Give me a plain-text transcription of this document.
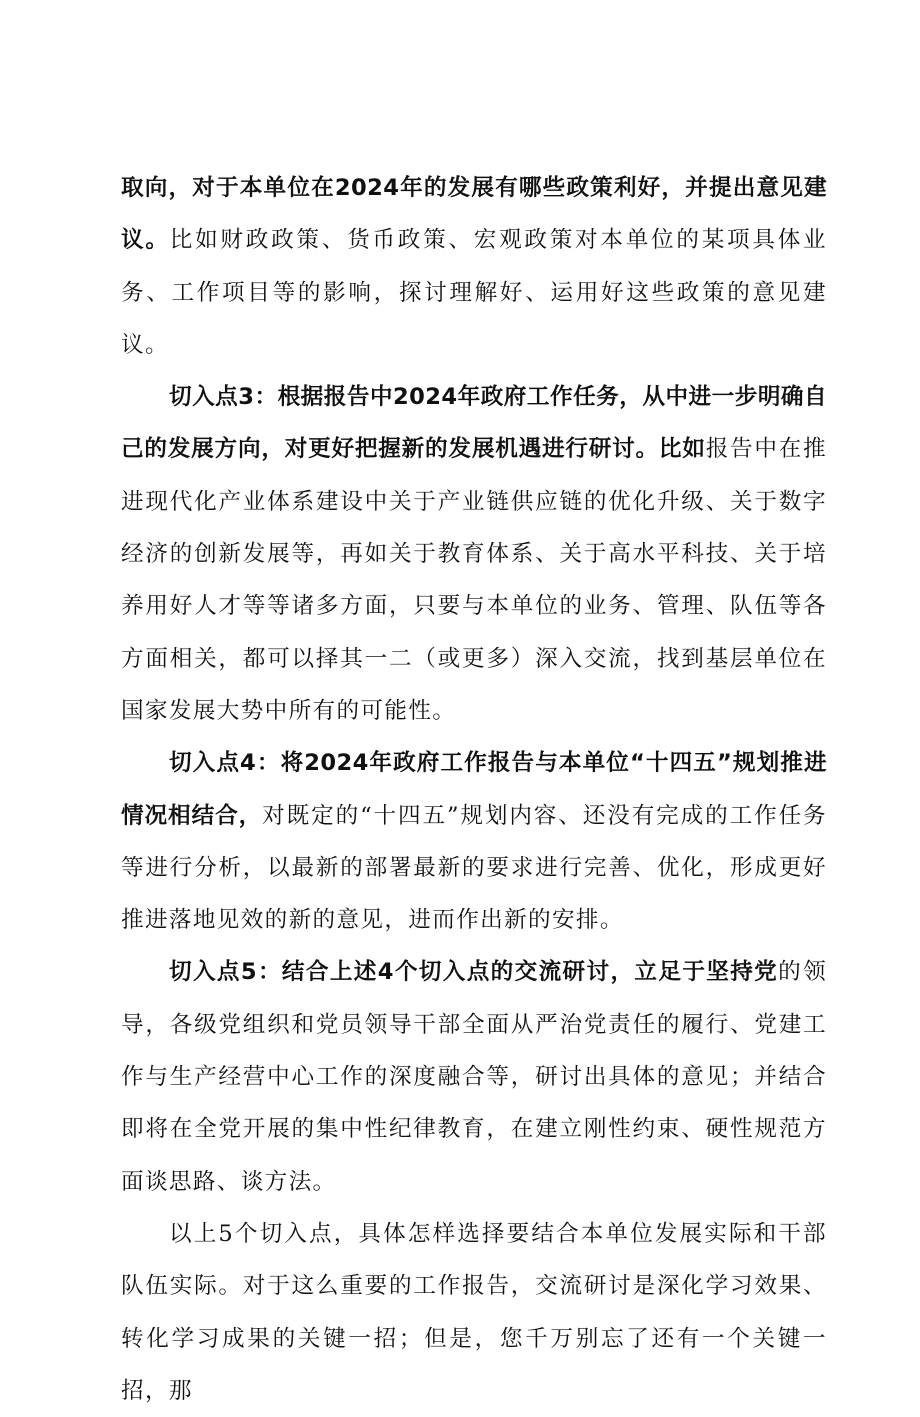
取向，对于本单位在2024年的发展有哪些政策利好，并提出意见建议。比如财政政策、货币政策、宏观政策对本单位的某项具体业务、工作项目等的影响，探讨理解好、运用好这些政策的意见建议。

切入点3：根据报告中2024年政府工作任务，从中进一步明确自己的发展方向，对更好把握新的发展机遇进行研讨。比如报告中在推进现代化产业体系建设中关于产业链供应链的优化升级、关于数字经济的创新发展等，再如关于教育体系、关于高水平科技、关于培养用好人才等等诸多方面，只要与本单位的业务、管理、队伍等各方面相关，都可以择其一二（或更多）深入交流，找到基层单位在国家发展大势中所有的可能性。

切入点4：将2024年政府工作报告与本单位“十四五”规划推进情况相结合，对既定的“十四五”规划内容、还没有完成的工作任务等进行分析，以最新的部署最新的要求进行完善、优化，形成更好推进落地见效的新的意见，进而作出新的安排。

切入点5：结合上述4个切入点的交流研讨，立足于坚持党的领导，各级党组织和党员领导干部全面从严治党责任的履行、党建工作与生产经营中心工作的深度融合等，研讨出具体的意见；并结合即将在全党开展的集中性纪律教育，在建立刚性约束、硬性规范方面谈思路、谈方法。

以上5个切入点，具体怎样选择要结合本单位发展实际和干部队伍实际。对于这么重要的工作报告，交流研讨是深化学习效果、转化学习成果的关键一招；但是，您千万别忘了还有一个关键一招，那
